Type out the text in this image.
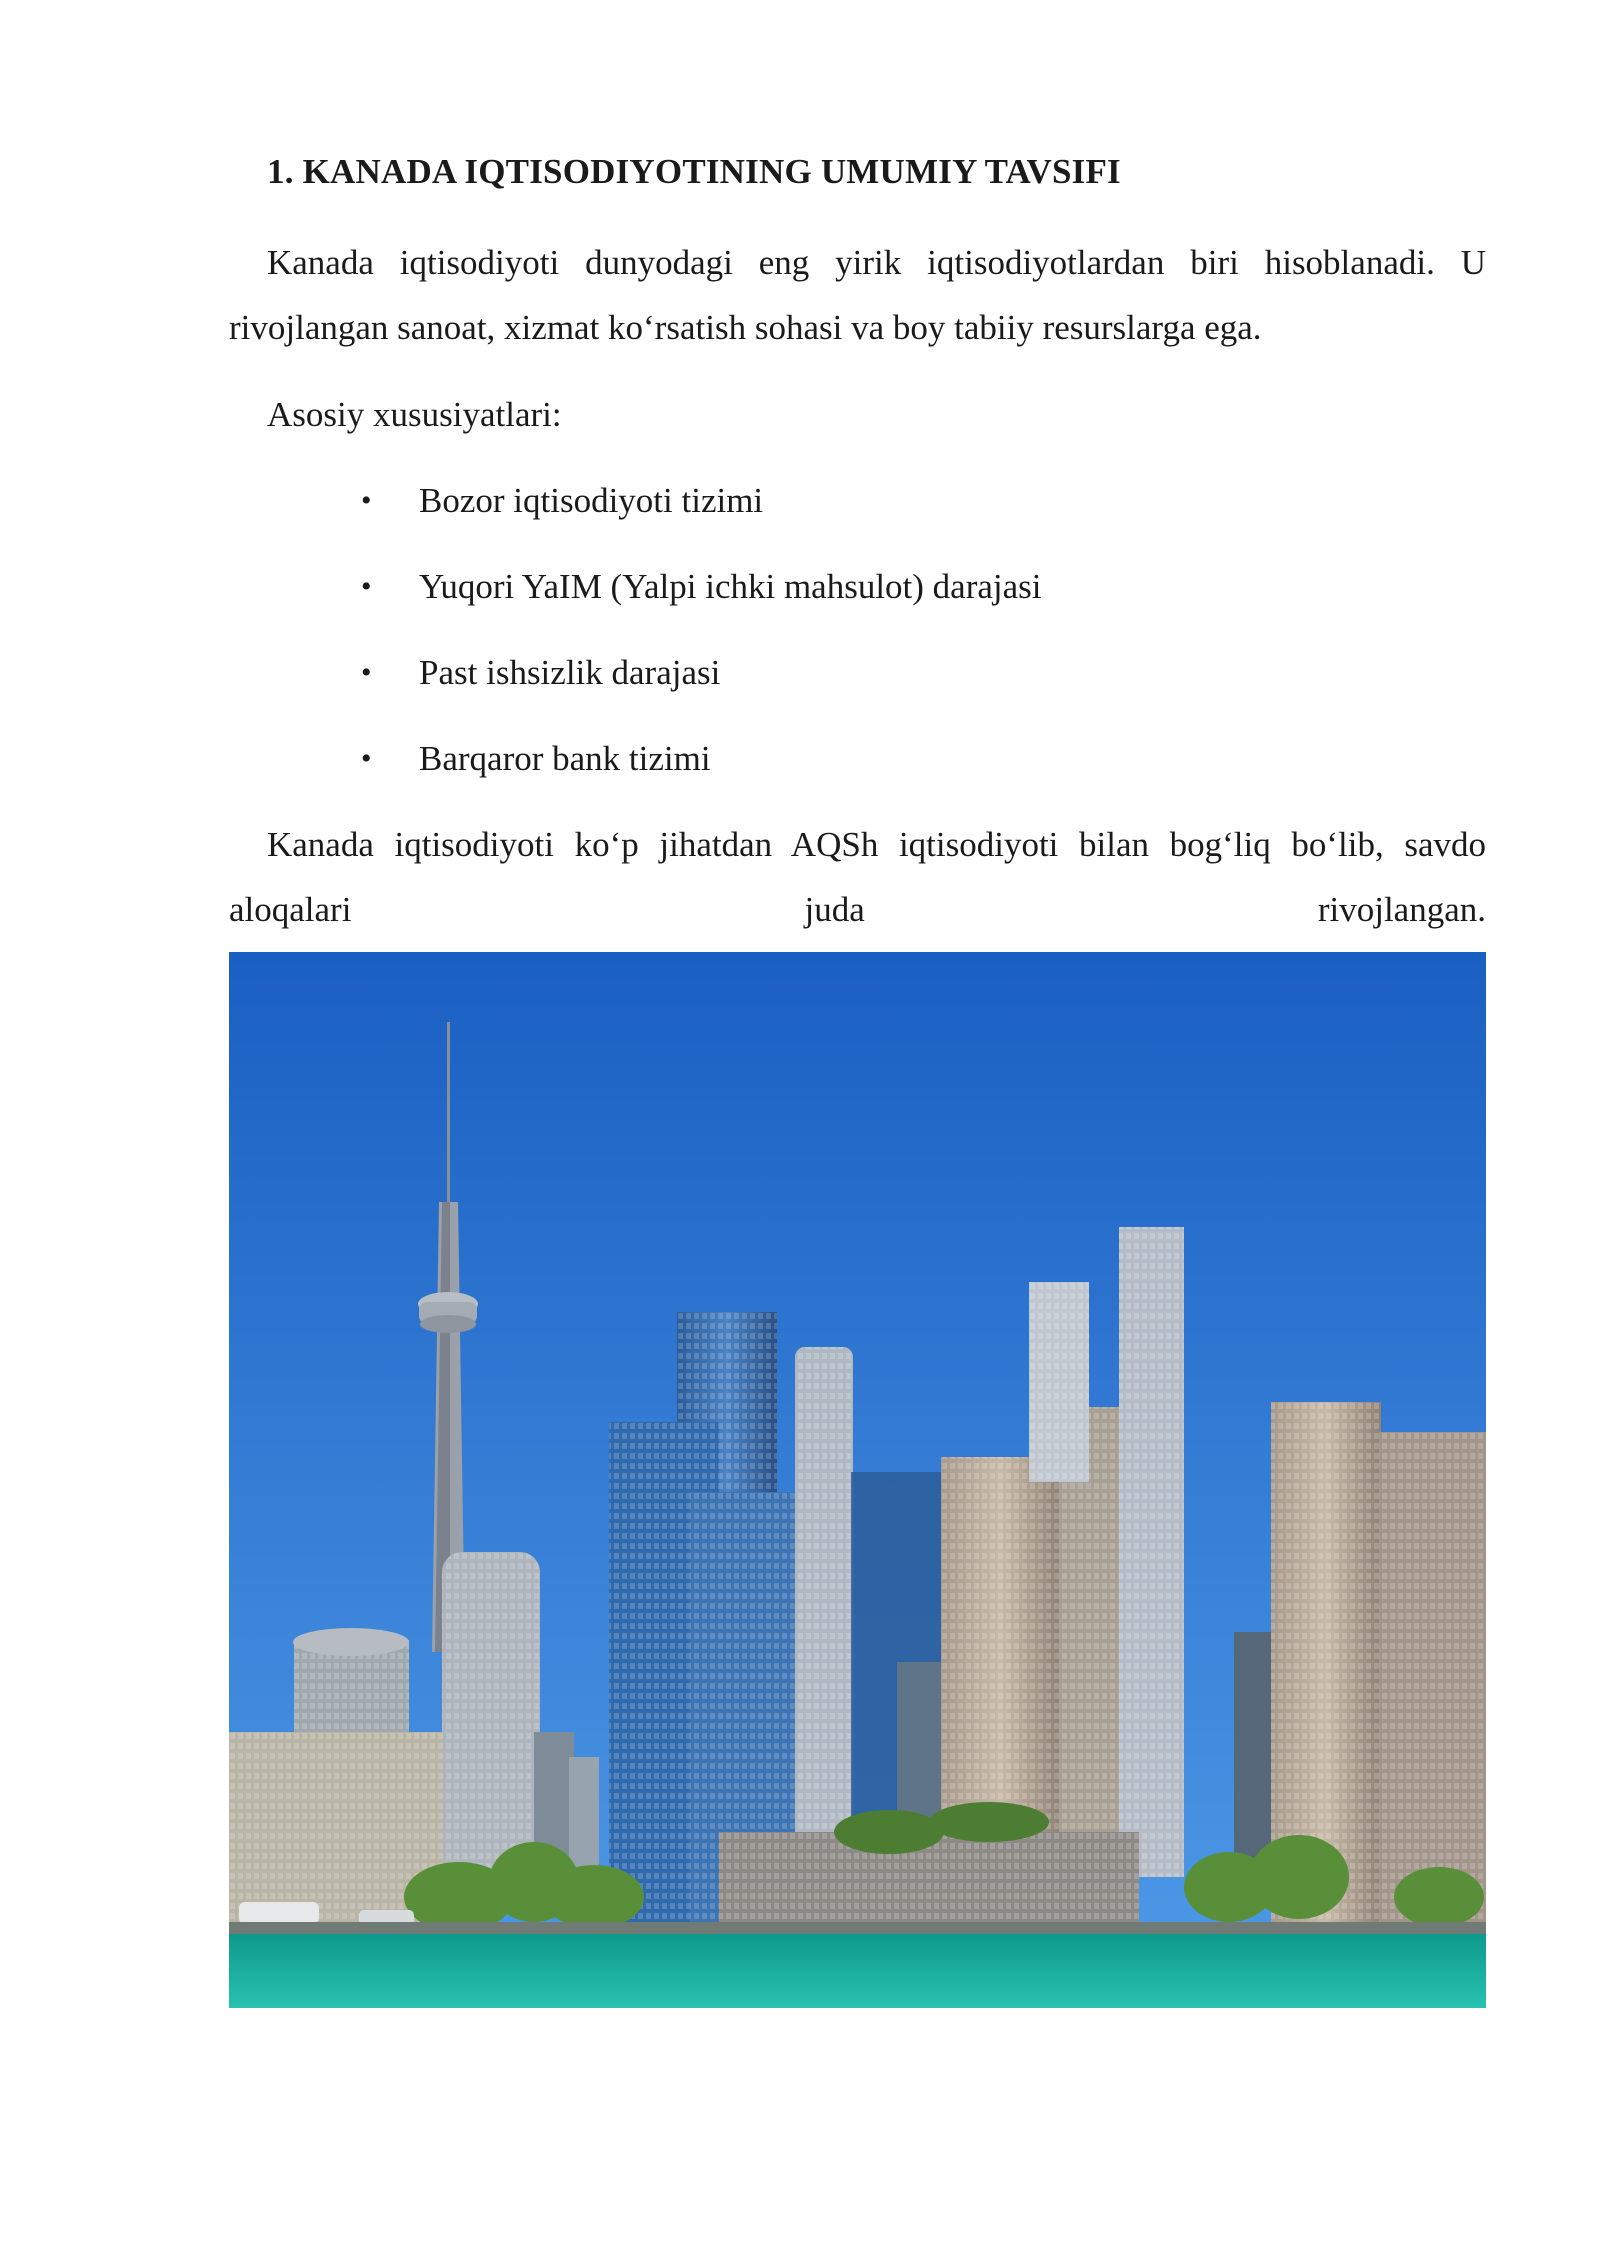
1. KANADA IQTISODIYOTINING UMUMIY TAVSIFI

Kanada iqtisodiyoti dunyodagi eng yirik iqtisodiyotlardan biri hisoblanadi. U rivojlangan sanoat, xizmat ko‘rsatish sohasi va boy tabiiy resurslarga ega.

Asosiy xususiyatlari:

• Bozor iqtisodiyoti tizimi
• Yuqori YaIM (Yalpi ichki mahsulot) darajasi
• Past ishsizlik darajasi
• Barqaror bank tizimi

Kanada iqtisodiyoti ko‘p jihatdan AQSh iqtisodiyoti bilan bog‘liq bo‘lib, savdo aloqalari juda rivojlangan.
